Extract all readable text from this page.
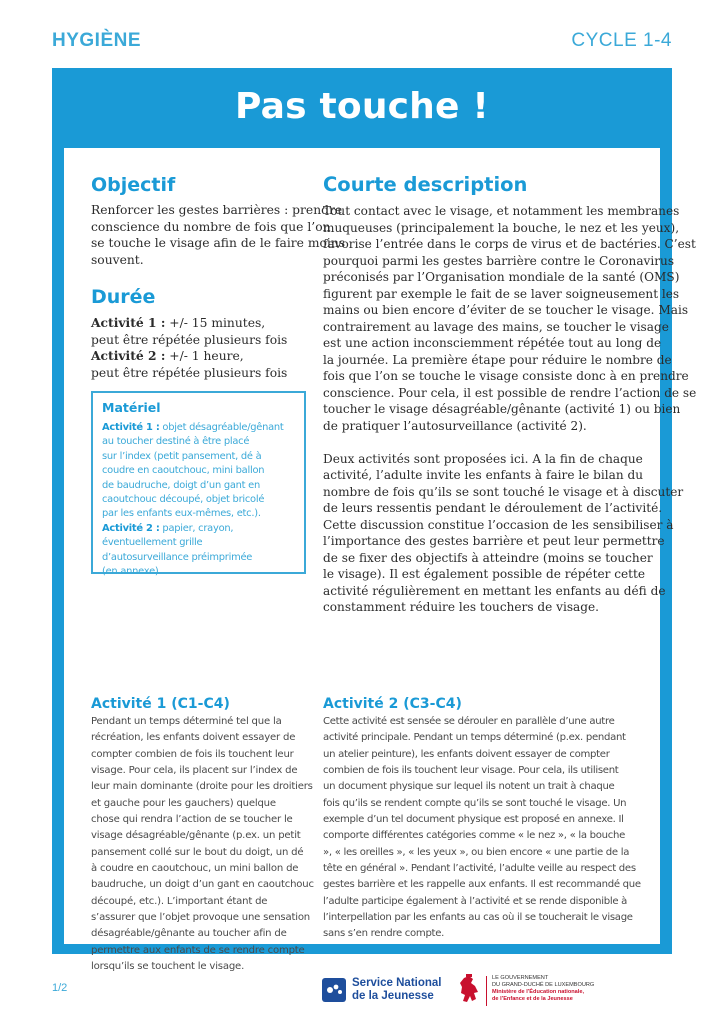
HYGIÈNE	CYCLE 1-4
Pas touche !
Objectif
Renforcer les gestes barrières : prendre
conscience du nombre de fois que l’on
se touche le visage afin de le faire moins
souvent.
Durée
Activité 1 : +/- 15 minutes,
peut être répétée plusieurs fois
Activité 2 : +/- 1 heure,
peut être répétée plusieurs fois
Matériel
Activité 1 : objet désagréable/gênant
au toucher destiné à être placé
sur l’index (petit pansement, dé à
coudre en caoutchouc, mini ballon
de baudruche, doigt d’un gant en
caoutchouc découpé, objet bricolé
par les enfants eux-mêmes, etc.).
Activité 2 : papier, crayon,
éventuellement grille
d’autosurveillance préimprimée
(en annexe).
Courte description
Tout contact avec le visage, et notamment les membranes
muqueuses (principalement la bouche, le nez et les yeux),
favorise l’entrée dans le corps de virus et de bactéries. C’est
pourquoi parmi les gestes barrière contre le Coronavirus
préconisés par l’Organisation mondiale de la santé (OMS)
figurent par exemple le fait de se laver soigneusement les
mains ou bien encore d’éviter de se toucher le visage. Mais
contrairement au lavage des mains, se toucher le visage
est une action inconsciemment répétée tout au long de
la journée. La première étape pour réduire le nombre de
fois que l’on se touche le visage consiste donc à en prendre
conscience. Pour cela, il est possible de rendre l’action de se
toucher le visage désagréable/gênante (activité 1) ou bien
de pratiquer l’autosurveillance (activité 2).
Deux activités sont proposées ici. A la fin de chaque
activité, l’adulte invite les enfants à faire le bilan du
nombre de fois qu’ils se sont touché le visage et à discuter
de leurs ressentis pendant le déroulement de l’activité.
Cette discussion constitue l’occasion de les sensibiliser à
l’importance des gestes barrière et peut leur permettre
de se fixer des objectifs à atteindre (moins se toucher
le visage). Il est également possible de répéter cette
activité régulièrement en mettant les enfants au défi de
constamment réduire les touchers de visage.
Activité 1 (C1-C4)
Pendant un temps déterminé tel que la
récréation, les enfants doivent essayer de
compter combien de fois ils touchent leur
visage. Pour cela, ils placent sur l’index de
leur main dominante (droite pour les droitiers
et gauche pour les gauchers) quelque
chose qui rendra l’action de se toucher le
visage désagréable/gênante (p.ex. un petit
pansement collé sur le bout du doigt, un dé
à coudre en caoutchouc, un mini ballon de
baudruche, un doigt d’un gant en caoutchouc
découpé, etc.). L’important étant de
s’assurer que l’objet provoque une sensation
désagréable/gênante au toucher afin de
permettre aux enfants de se rendre compte
lorsqu’ils se touchent le visage.
Activité 2 (C3-C4)
Cette activité est sensée se dérouler en parallèle d’une autre
activité principale. Pendant un temps déterminé (p.ex. pendant
un atelier peinture), les enfants doivent essayer de compter
combien de fois ils touchent leur visage. Pour cela, ils utilisent
un document physique sur lequel ils notent un trait à chaque
fois qu’ils se rendent compte qu’ils se sont touché le visage. Un
exemple d’un tel document physique est proposé en annexe. Il
comporte différentes catégories comme « le nez », « la bouche
», « les oreilles », « les yeux », ou bien encore « une partie de la
tête en général ». Pendant l’activité, l’adulte veille au respect des
gestes barrière et les rappelle aux enfants. Il est recommandé que
l’adulte participe également à l’activité et se rende disponible à
l’interpellation par les enfants au cas où il se toucherait le visage
sans s’en rendre compte.
1/2	Service National
de la Jeunesse
LE GOUVERNEMENT
DU GRAND-DUCHÉ DE LUXEMBOURG
Ministère de l’Éducation nationale,
de l’Enfance et de la Jeunesse
